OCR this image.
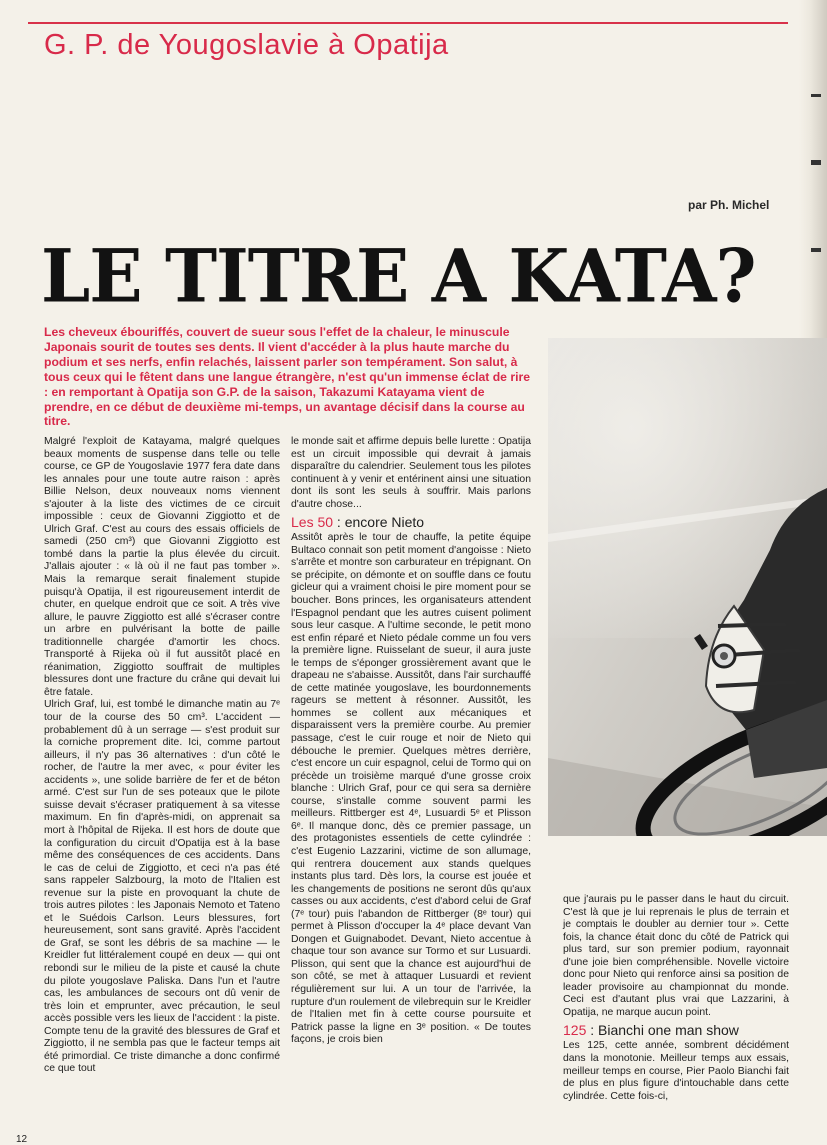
G. P. de Yougoslavie à Opatija
par Ph. Michel
LE TITRE A KATA?

Les cheveux ébouriffés, couvert de sueur sous l'effet de la chaleur, le minuscule Japonais sourit de toutes ses dents. Il vient d'accéder à la plus haute marche du podium et ses nerfs, enfin relachés, laissent parler son tempérament. Son salut, à tous ceux qui le fêtent dans une langue étrangère, n'est qu'un immense éclat de rire : en remportant à Opatija son G.P. de la saison, Takazumi Katayama vient de prendre, en ce début de deuxième mi-temps, un avantage décisif dans la course au titre.

Malgré l'exploit de Katayama, malgré quelques beaux moments de suspense dans telle ou telle course, ce GP de Yougoslavie 1977 fera date dans les annales pour une toute autre raison : après Billie Nelson, deux nouveaux noms viennent s'ajouter à la liste des victimes de ce circuit impossible : ceux de Giovanni Ziggiotto et de Ulrich Graf. C'est au cours des essais officiels de samedi (250 cm³) que Giovanni Ziggiotto est tombé dans la partie la plus élevée du circuit. J'allais ajouter : « là où il ne faut pas tomber ». Mais la remarque serait finalement stupide puisqu'à Opatija, il est rigoureusement interdit de chuter, en quelque endroit que ce soit. A très vive allure, le pauvre Ziggiotto est allé s'écraser contre un arbre en pulvérisant la botte de paille traditionnelle chargée d'amortir les chocs. Transporté à Rijeka où il fut aussitôt placé en réanimation, Ziggiotto souffrait de multiples blessures dont une fracture du crâne qui devait lui être fatale.

Ulrich Graf, lui, est tombé le dimanche matin au 7ᵉ tour de la course des 50 cm³. L'accident — probablement dû à un serrage — s'est produit sur la corniche proprement dite. Ici, comme partout ailleurs, il n'y pas 36 alternatives : d'un côté le rocher, de l'autre la mer avec, « pour éviter les accidents », une solide barrière de fer et de béton armé. C'est sur l'un de ses poteaux que le pilote suisse devait s'écraser pratiquement à sa vitesse maximum. En fin d'après-midi, on apprenait sa mort à l'hôpital de Rijeka. Il est hors de doute que la configuration du circuit d'Opatija est à la base même des conséquences de ces accidents. Dans le cas de celui de Ziggiotto, et ceci n'a pas été sans rappeler Salzbourg, la moto de l'Italien est revenue sur la piste en provoquant la chute de trois autres pilotes : les Japonais Nemoto et Tateno et le Suédois Carlson. Leurs blessures, fort heureusement, sont sans gravité. Après l'accident de Graf, se sont les débris de sa machine — le Kreidler fut littéralement coupé en deux — qui ont rebondi sur le milieu de la piste et causé la chute du pilote yougoslave Paliska. Dans l'un et l'autre cas, les ambulances de secours ont dû venir de très loin et emprunter, avec précaution, le seul accès possible vers les lieux de l'accident : la piste.

Compte tenu de la gravité des blessures de Graf et Ziggiotto, il ne sembla pas que le facteur temps ait été primordial. Ce triste dimanche a donc confirmé ce que tout

le monde sait et affirme depuis belle lurette : Opatija est un circuit impossible qui devrait à jamais disparaître du calendrier. Seulement tous les pilotes continuent à y venir et entérinent ainsi une situation dont ils sont les seuls à souffrir. Mais parlons d'autre chose...

Les 50 : encore Nieto

Assitôt après le tour de chauffe, la petite équipe Bultaco connait son petit moment d'angoisse : Nieto s'arrête et montre son carburateur en trépignant. On se précipite, on démonte et on souffle dans ce foutu gicleur qui a vraiment choisi le pire moment pour se boucher. Bons princes, les organisateurs attendent l'Espagnol pendant que les autres cuisent poliment sous leur casque. A l'ultime seconde, le petit mono est enfin réparé et Nieto pédale comme un fou vers la première ligne. Ruisselant de sueur, il aura juste le temps de s'éponger grossièrement avant que le drapeau ne s'abaisse. Aussitôt, dans l'air surchauffé de cette matinée yougoslave, les bourdonnements rageurs se mettent à résonner. Aussitôt, les hommes se collent aux mécaniques et disparaissent vers la première courbe. Au premier passage, c'est le cuir rouge et noir de Nieto qui débouche le premier. Quelques mètres derrière, c'est encore un cuir espagnol, celui de Tormo qui on précède un troisième marqué d'une grosse croix blanche : Ulrich Graf, pour ce qui sera sa dernière course, s'installe comme souvent parmi les meilleurs. Rittberger est 4ᵉ, Lusuardi 5ᵉ et Plisson 6ᵉ. Il manque donc, dès ce premier passage, un des protagonistes essentiels de cette cylindrée : c'est Eugenio Lazzarini, victime de son allumage, qui rentrera doucement aux stands quelques instants plus tard. Dès lors, la course est jouée et les changements de positions ne seront dûs qu'aux casses ou aux accidents, c'est d'abord celui de Graf (7ᵉ tour) puis l'abandon de Rittberger (8ᵉ tour) qui permet à Plisson d'occuper la 4ᵉ place devant Van Dongen et Guignabodet. Devant, Nieto accentue à chaque tour son avance sur Tormo et sur Lusuardi. Plisson, qui sent que la chance est aujourd'hui de son côté, se met à attaquer Lusuardi et revient régulièrement sur lui. A un tour de l'arrivée, la rupture d'un roulement de vilebrequin sur le Kreidler de l'Italien met fin à cette course poursuite et Patrick passe la ligne en 3ᵉ position. « De toutes façons, je crois bien

que j'aurais pu le passer dans le haut du circuit. C'est là que je lui reprenais le plus de terrain et je comptais le doubler au dernier tour ». Cette fois, la chance était donc du côté de Patrick qui plus tard, sur son premier podium, rayonnait d'une joie bien compréhensible. Novelle victoire donc pour Nieto qui renforce ainsi sa position de leader provisoire au championnat du monde. Ceci est d'autant plus vrai que Lazzarini, à Opatija, ne marque aucun point.

125 : Bianchi one man show

Les 125, cette année, sombrent décidément dans la monotonie. Meilleur temps aux essais, meilleur temps en course, Pier Paolo Bianchi fait de plus en plus figure d'intouchable dans cette cylindrée. Cette fois-ci,

12
